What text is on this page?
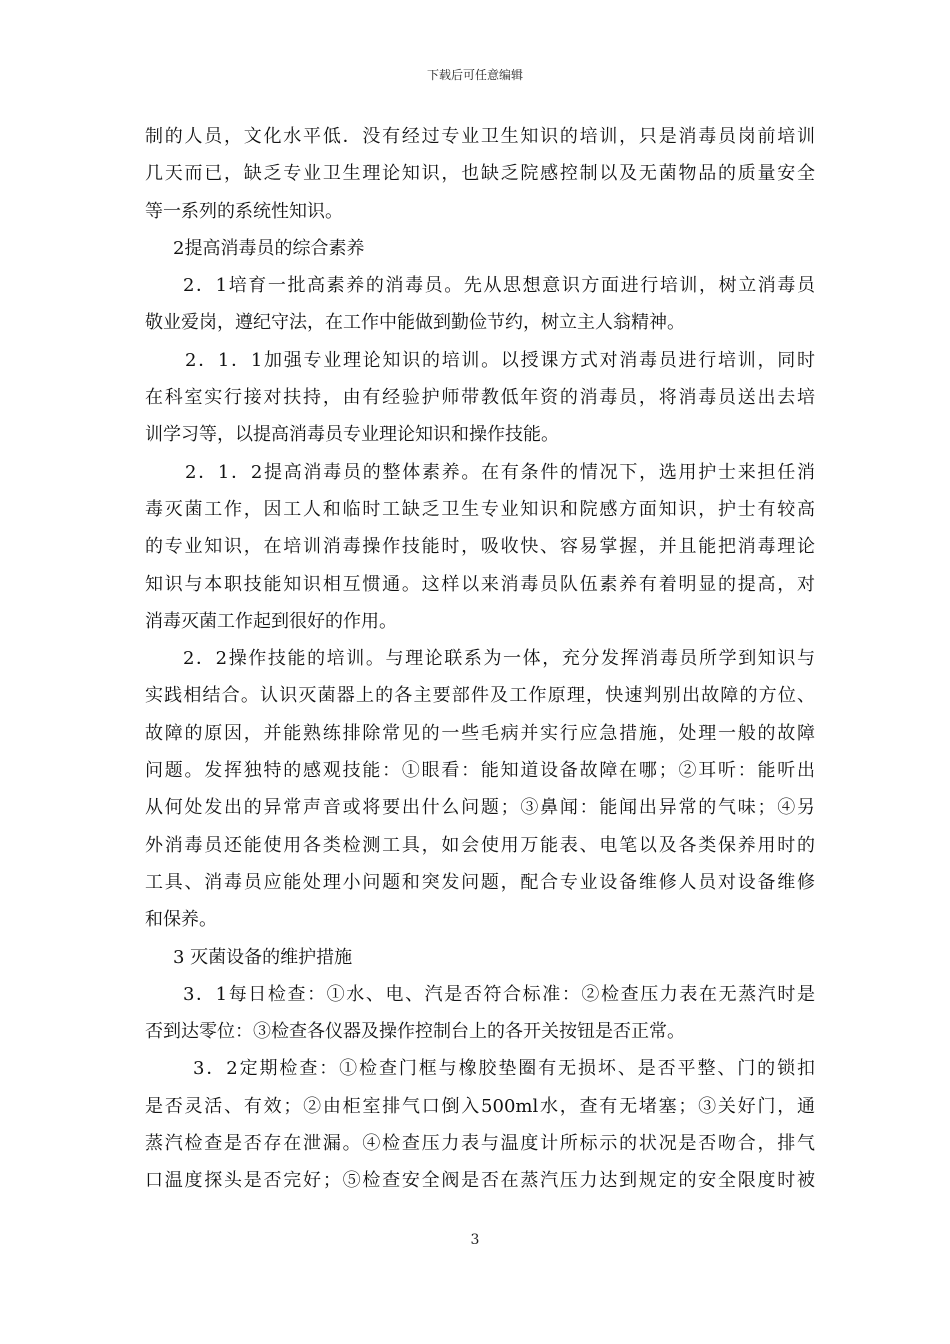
下载后可任意编辑
制的人员，文化水平低．没有经过专业卫生知识的培训，只是消毒员岗前培训
几天而已，缺乏专业卫生理论知识，也缺乏院感控制以及无菌物品的质量安全
等一系列的系统性知识。
2提高消毒员的综合素养
2．1培育一批高素养的消毒员。先从思想意识方面进行培训，树立消毒员
敬业爱岗，遵纪守法，在工作中能做到勤俭节约，树立主人翁精神。
2．1．1加强专业理论知识的培训。以授课方式对消毒员进行培训，同时
在科室实行接对扶持，由有经验护师带教低年资的消毒员，将消毒员送出去培
训学习等，以提高消毒员专业理论知识和操作技能。
2．1．2提高消毒员的整体素养。在有条件的情况下，选用护士来担任消
毒灭菌工作，因工人和临时工缺乏卫生专业知识和院感方面知识，护士有较高
的专业知识，在培训消毒操作技能时，吸收快、容易掌握，并且能把消毒理论
知识与本职技能知识相互惯通。这样以来消毒员队伍素养有着明显的提高，对
消毒灭菌工作起到很好的作用。
2．2操作技能的培训。与理论联系为一体，充分发挥消毒员所学到知识与
实践相结合。认识灭菌器上的各主要部件及工作原理，快速判别出故障的方位、
故障的原因，并能熟练排除常见的一些毛病并实行应急措施，处理一般的故障
问题。发挥独特的感观技能：①眼看：能知道设备故障在哪；②耳听：能听出
从何处发出的异常声音或将要出什么问题；③鼻闻：能闻出异常的气味；④另
外消毒员还能使用各类检测工具，如会使用万能表、电笔以及各类保养用时的
工具、消毒员应能处理小问题和突发问题，配合专业设备维修人员对设备维修
和保养。
3 灭菌设备的维护措施
3．1每日检查：①水、电、汽是否符合标准：②检查压力表在无蒸汽时是
否到达零位：③检查各仪器及操作控制台上的各开关按钮是否正常。
3．2定期检查：①检查门框与橡胶垫圈有无损坏、是否平整、门的锁扣
是否灵活、有效；②由柜室排气口倒入500ml水，查有无堵塞；③关好门，通
蒸汽检查是否存在泄漏。④检查压力表与温度计所标示的状况是否吻合，排气
口温度探头是否完好；⑤检查安全阀是否在蒸汽压力达到规定的安全限度时被
3
